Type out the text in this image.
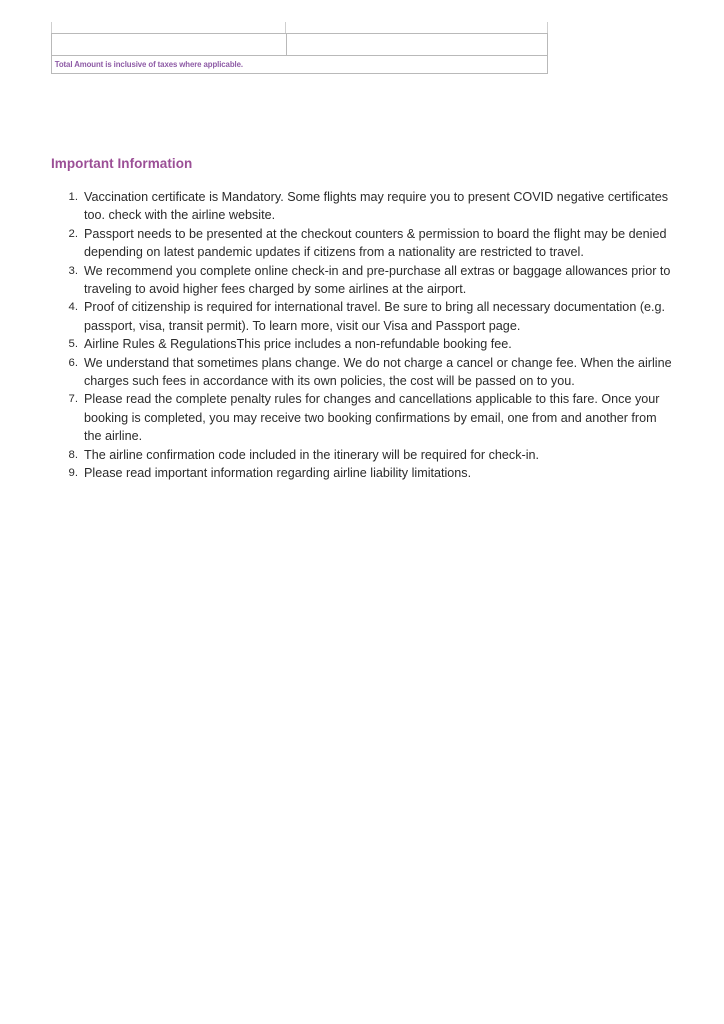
Total Amount is inclusive of taxes where applicable.
Important Information
Vaccination certificate is Mandatory. Some flights may require you to present COVID negative certificates too. check with the airline website.
Passport needs to be presented at the checkout counters & permission to board the flight may be denied depending on latest pandemic updates if citizens from a nationality are restricted to travel.
We recommend you complete online check-in and pre-purchase all extras or baggage allowances prior to traveling to avoid higher fees charged by some airlines at the airport.
Proof of citizenship is required for international travel. Be sure to bring all necessary documentation (e.g. passport, visa, transit permit). To learn more, visit our Visa and Passport page.
Airline Rules & RegulationsThis price includes a non-refundable booking fee.
We understand that sometimes plans change. We do not charge a cancel or change fee. When the airline charges such fees in accordance with its own policies, the cost will be passed on to you.
Please read the complete penalty rules for changes and cancellations applicable to this fare. Once your booking is completed, you may receive two booking confirmations by email, one from and another from the airline.
The airline confirmation code included in the itinerary will be required for check-in.
Please read important information regarding airline liability limitations.
